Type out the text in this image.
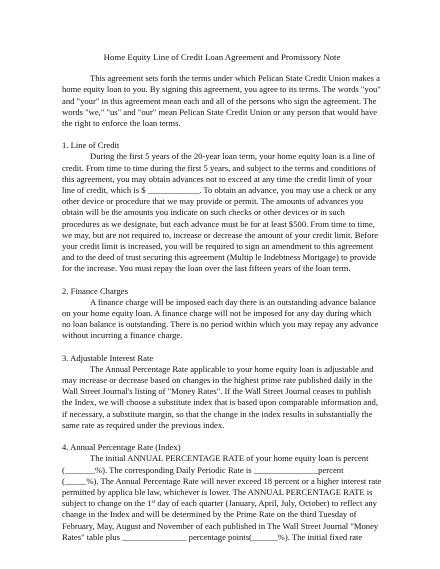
Home Equity Line of Credit Loan Agreement and Promissory Note

This agreement sets forth the terms under which Pelican State Credit Union makes a home equity loan to you. By signing this agreement, you agree to its terms. The words "you" and "your" in this agreement mean each and all of the persons who sign the agreement. The words "we," "us" and "our" mean Pelican State Credit Union or any person that would have the right to enforce the loan terms.

1. Line of Credit

During the first 5 years of the 20-year loan term, your home equity loan is a line of credit. From time to time during the first 5 years, and subject to the terms and conditions of this agreement, you may obtain advances not to exceed at any time the credit limit of your line of credit, which is $ ____________. To obtain an advance, you may use a check or any other device or procedure that we may provide or permit. The amounts of advances you obtain will be the amounts you indicate on such checks or other devices or in such procedures as we designate, but each advance must be for at least $500. From time to time, we may, but are not required to, increase or decrease the amount of your credit limit. Before your credit limit is increased, you will be required to sign an amendment to this agreement and to the deed of trust securing this agreement (Multip le Indebtness Mortgage) to provide for the increase. You must repay the loan over the last fifteen years of the loan term.

2. Finance Charges

A finance charge will be imposed each day there is an outstanding advance balance on your home equity loan. A finance charge will not be imposed for any day during which no loan balance is outstanding. There is no period within which you may repay any advance without incurring a finance charge.

3. Adjustable Interest Rate

The Annual Percentage Rate applicable to your home equity loan is adjustable and may increase or decrease based on changes in the highest prime rate published daily in the Wall Street Journal's listing of "Money Rates". If the Wall Street Journal ceases to publish the Index, we will choose a substitute index that is based upon comparable information and, if necessary, a substitute margin, so that the change in the index results in substantially the same rate as required under the previous index.

4. Annual Percentage Rate (Index)

The initial ANNUAL PERCENTAGE RATE of your home equity loan is percent (_______%). The corresponding Daily Periodic Rate is _______________percent (_____%). The Annual Percentage Rate will never exceed 18 percent or a higher interest rate permitted by applica ble law, whichever is lower. The ANNUAL PERCENTAGE RATE is subject to change on the 1st day of each quarter (January, April, July, October) to reflect any change in the Index and will be determined by the Prime Rate on the third Tuesday of February, May, August and November of each published in The Wall Street Journal "Money Rates" table plus _______________ percentage points(______%). The initial fixed rate
